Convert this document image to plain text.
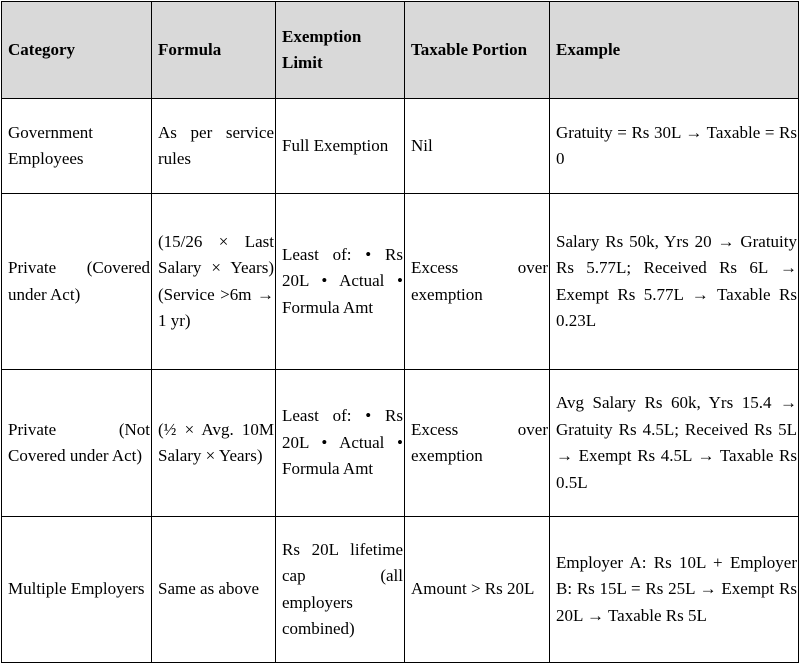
Category	Formula	Exemption Limit	Taxable Portion	Example
Government Employees	As per service rules	Full Exemption	Nil	Gratuity = Rs 30L → Taxable = Rs 0
Private (Covered under Act)	(15/26 × Last Salary × Years) (Service >6m → 1 yr)	Least of: • Rs 20L • Actual • Formula Amt	Excess over exemption	Salary Rs 50k, Yrs 20 → Gratuity Rs 5.77L; Received Rs 6L → Exempt Rs 5.77L → Taxable Rs 0.23L
Private (Not Covered under Act)	(½ × Avg. 10M Salary × Years)	Least of: • Rs 20L • Actual • Formula Amt	Excess over exemption	Avg Salary Rs 60k, Yrs 15.4 → Gratuity Rs 4.5L; Received Rs 5L → Exempt Rs 4.5L → Taxable Rs 0.5L
Multiple Employers	Same as above	Rs 20L lifetime cap (all employers combined)	Amount > Rs 20L	Employer A: Rs 10L + Employer B: Rs 15L = Rs 25L → Exempt Rs 20L → Taxable Rs 5L
